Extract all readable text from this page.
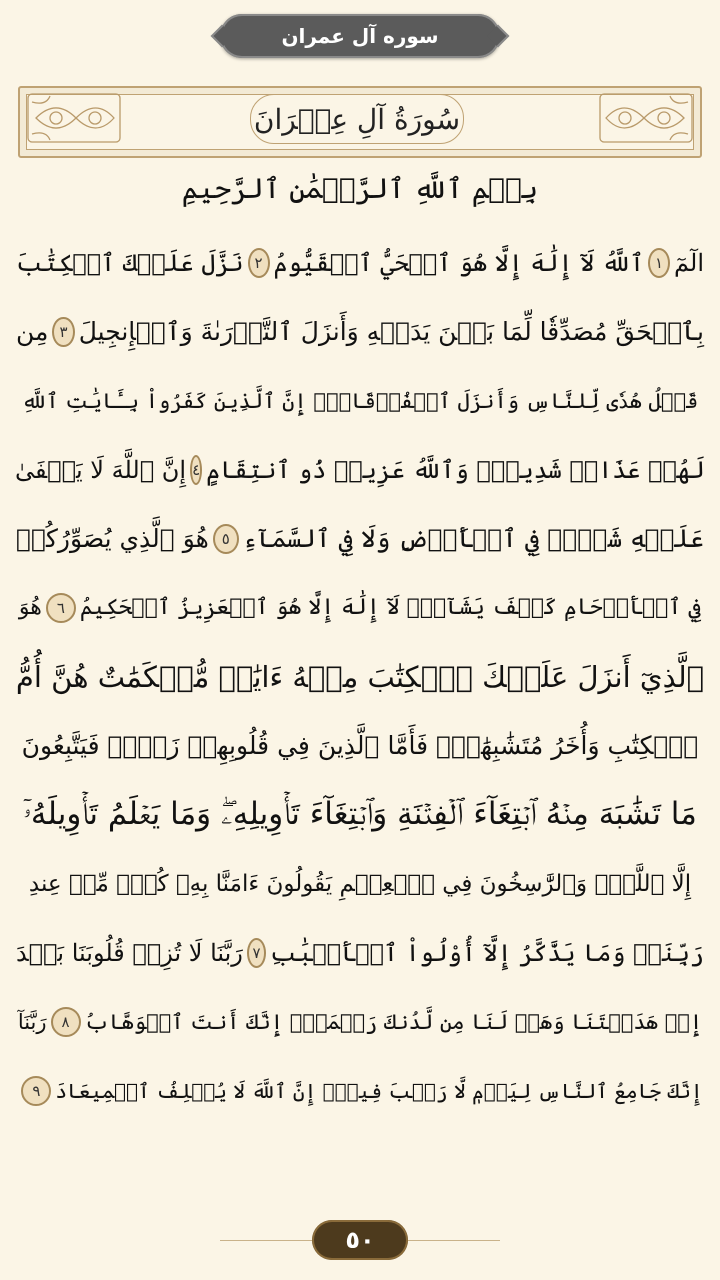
سوره آل عمران
سُورَةُ آلِ عِمۡرَانَ
بِسۡمِ ٱللَّهِ ٱلرَّحۡمَٰنِ ٱلرَّحِيمِ
الٓمٓ
١
ٱللَّهُ لَآ إِلَٰهَ إِلَّا هُوَ ٱلۡحَيُّ ٱلۡقَيُّومُ
٢
نَزَّلَ عَلَيۡكَ ٱلۡكِتَٰبَ
بِٱلۡحَقِّ مُصَدِّقٗا لِّمَا بَيۡنَ يَدَيۡهِ وَأَنزَلَ ٱلتَّوۡرَىٰةَ وَٱلۡإِنجِيلَ
٣
مِن
قَبۡلُ هُدٗى لِّلنَّاسِ وَأَنزَلَ ٱلۡفُرۡقَانَۗ إِنَّ ٱلَّذِينَ كَفَرُواْ بِـَٔايَٰتِ ٱللَّهِ
لَهُمۡ عَذَابٞ شَدِيدٞۗ وَٱللَّهُ عَزِيزٞ ذُو ٱنتِقَامٍ
٤
إِنَّ ٱللَّهَ لَا يَخۡفَىٰ
عَلَيۡهِ شَيۡءٞ فِي ٱلۡأَرۡضِ وَلَا فِي ٱلسَّمَآءِ
٥
هُوَ ٱلَّذِي يُصَوِّرُكُمۡ
فِي ٱلۡأَرۡحَامِ كَيۡفَ يَشَآءُۚ لَآ إِلَٰهَ إِلَّا هُوَ ٱلۡعَزِيزُ ٱلۡحَكِيمُ
٦
هُوَ
ٱلَّذِيٓ أَنزَلَ عَلَيۡكَ ٱلۡكِتَٰبَ مِنۡهُ ءَايَٰتٞ مُّحۡكَمَٰتٌ هُنَّ أُمُّ
ٱلۡكِتَٰبِ وَأُخَرُ مُتَشَٰبِهَٰتٞۖ فَأَمَّا ٱلَّذِينَ فِي قُلُوبِهِمۡ زَيۡغٞ فَيَتَّبِعُونَ
مَا تَشَٰبَهَ مِنۡهُ ٱبۡتِغَآءَ ٱلۡفِتۡنَةِ وَٱبۡتِغَآءَ تَأۡوِيلِهِۦۖ وَمَا يَعۡلَمُ تَأۡوِيلَهُۥٓ
إِلَّا ٱللَّهُۗ وَٱلرَّٰسِخُونَ فِي ٱلۡعِلۡمِ يَقُولُونَ ءَامَنَّا بِهِۦ كُلّٞ مِّنۡ عِندِ
رَبِّنَاۗ وَمَا يَذَّكَّرُ إِلَّآ أُوْلُواْ ٱلۡأَلۡبَٰبِ
٧
رَبَّنَا لَا تُزِغۡ قُلُوبَنَا بَعۡدَ
إِذۡ هَدَيۡتَنَا وَهَبۡ لَنَا مِن لَّدُنكَ رَحۡمَةًۚ إِنَّكَ أَنتَ ٱلۡوَهَّابُ
٨
رَبَّنَآ
إِنَّكَ جَامِعُ ٱلنَّاسِ لِيَوۡمٖ لَّا رَيۡبَ فِيهِۚ إِنَّ ٱللَّهَ لَا يُخۡلِفُ ٱلۡمِيعَادَ
٩
٥٠
